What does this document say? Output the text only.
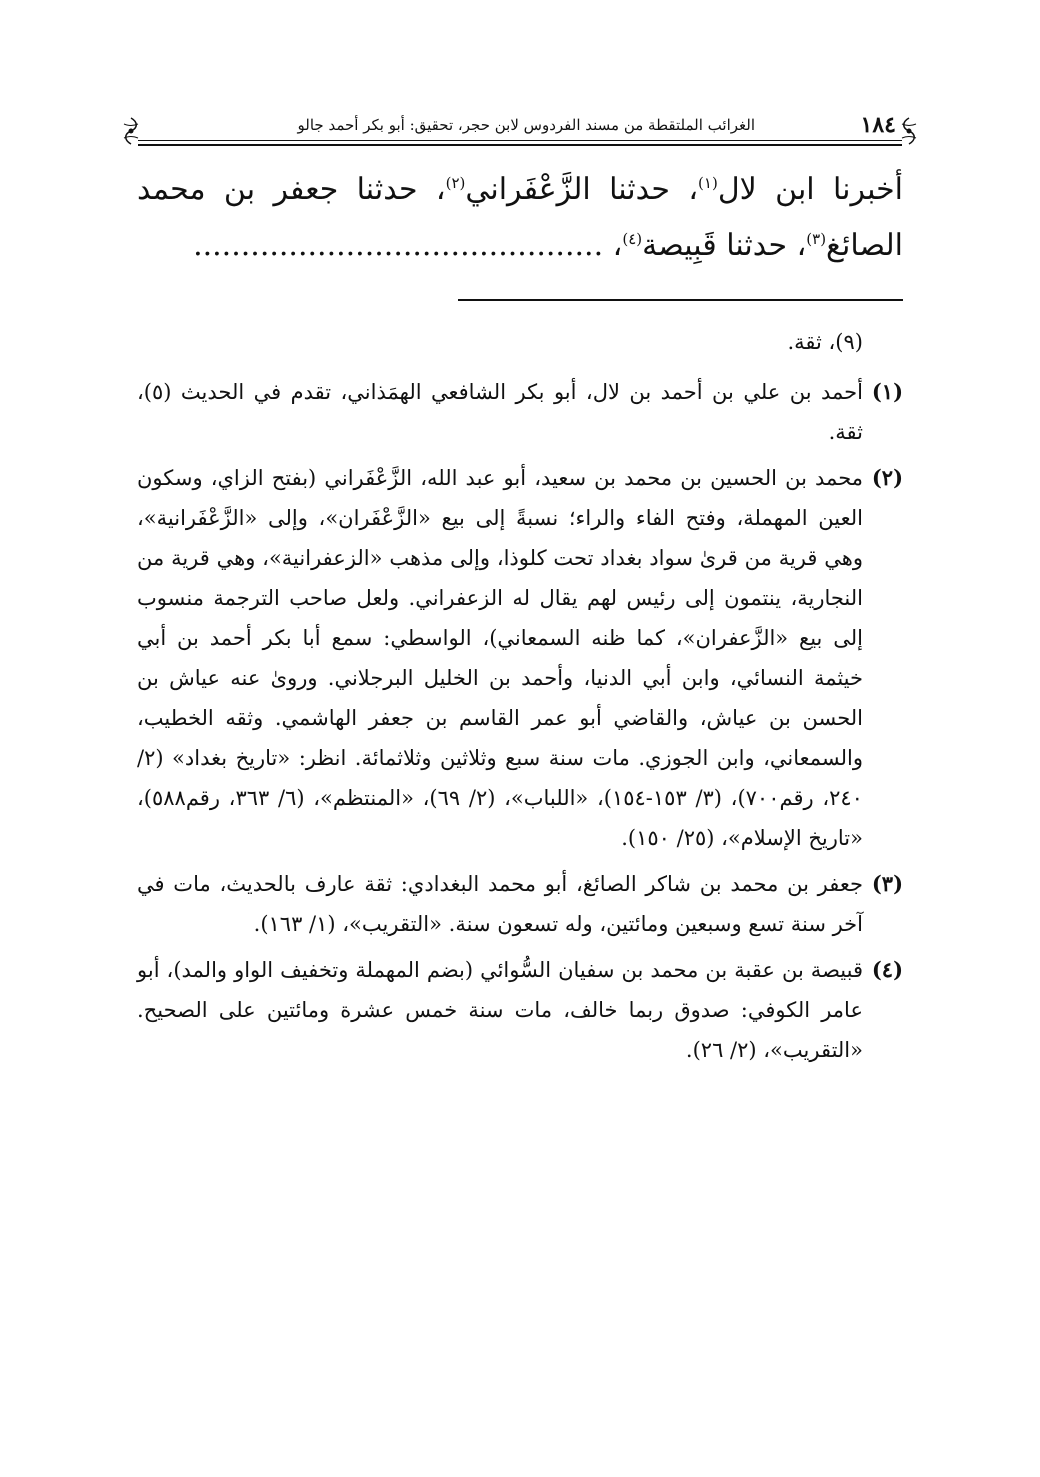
١٨٤
الغرائب الملتقطة من مسند الفردوس لابن حجر، تحقيق: أبو بكر أحمد جالو
أخبرنا ابن لال$^{(١)}$، حدثنا الزَّعْفَراني$^{(٢)}$، حدثنا جعفر بن محمد
الصائغ$^{(٣)}$، حدثنا قَبِيصة$^{(٤)}$، ...........................................
(٩)، ثقة.
(١)
أحمد بن علي بن أحمد بن لال، أبو بكر الشافعي الهمَذاني، تقدم في الحديث (٥)، ثقة.
(٢)
محمد بن الحسين بن محمد بن سعيد، أبو عبد الله، الزَّعْفَراني (بفتح الزاي، وسكون العين المهملة، وفتح الفاء والراء؛ نسبةً إلى بيع «الزَّعْفَران»، وإلى «الزَّعْفَرانية»، وهي قرية من قرىٰ سواد بغداد تحت كلوذا، وإلى مذهب «الزعفرانية»، وهي قرية من النجارية، ينتمون إلى رئيس لهم يقال له الزعفراني. ولعل صاحب الترجمة منسوب إلى بيع «الزَّعفران»، كما ظنه السمعاني)، الواسطي: سمع أبا بكر أحمد بن أبي خيثمة النسائي، وابن أبي الدنيا، وأحمد بن الخليل البرجلاني. وروىٰ عنه عياش بن الحسن بن عياش، والقاضي أبو عمر القاسم بن جعفر الهاشمي. وثقه الخطيب، والسمعاني، وابن الجوزي. مات سنة سبع وثلاثين وثلاثمائة. انظر: «تاريخ بغداد» (٢/ ٢٤٠، رقم٧٠٠)، (٣/ ١٥٣-١٥٤)، «اللباب»، (٢/ ٦٩)، «المنتظم»، (٦/ ٣٦٣، رقم٥٨٨)، «تاريخ الإسلام»، (٢٥/ ١٥٠).
(٣)
جعفر بن محمد بن شاكر الصائغ، أبو محمد البغدادي: ثقة عارف بالحديث، مات في آخر سنة تسع وسبعين ومائتين، وله تسعون سنة. «التقريب»، (١/ ١٦٣).
(٤)
قبيصة بن عقبة بن محمد بن سفيان السُّوائي (بضم المهملة وتخفيف الواو والمد)، أبو عامر الكوفي: صدوق ربما خالف، مات سنة خمس عشرة ومائتين على الصحيح. «التقريب»، (٢/ ٢٦).
